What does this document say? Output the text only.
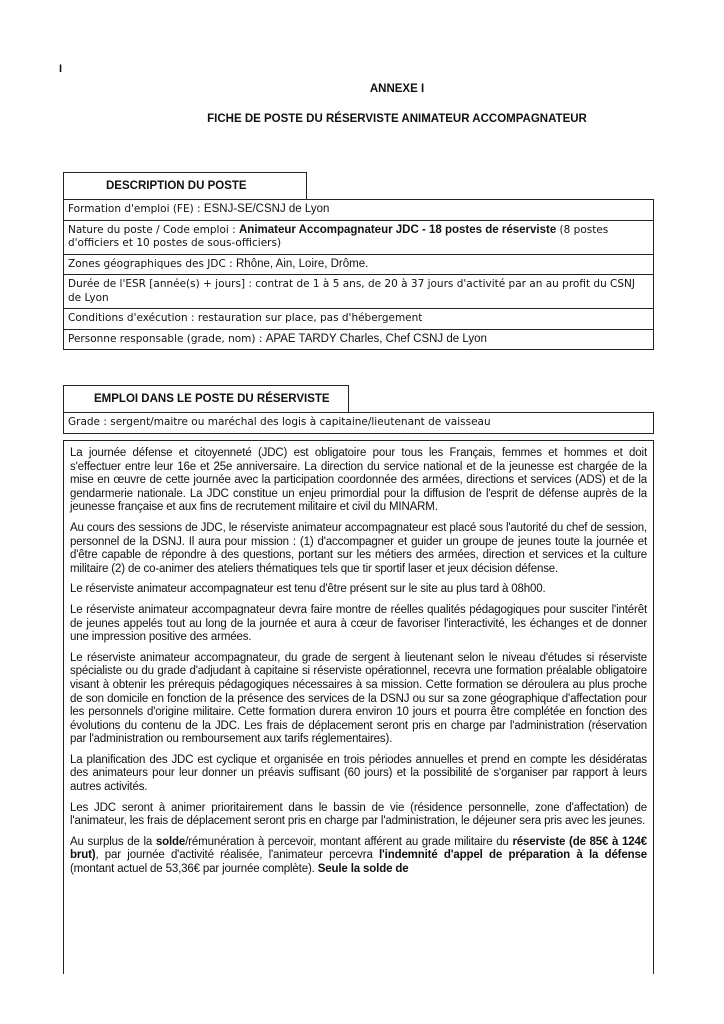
I
ANNEXE I
FICHE DE POSTE DU RÉSERVISTE ANIMATEUR ACCOMPAGNATEUR
DESCRIPTION DU POSTE
Formation d'emploi (FE) : ESNJ-SE/CSNJ de Lyon
Nature du poste / Code emploi : Animateur Accompagnateur JDC - 18 postes de réserviste (8 postes d'officiers et 10 postes de sous-officiers)
Zones géographiques des JDC : Rhône, Ain, Loire, Drôme.
Durée de l'ESR [année(s) + jours] : contrat de 1 à 5 ans, de 20 à 37 jours d'activité par an au profit du CSNJ de Lyon
Conditions d'exécution : restauration sur place, pas d'hébergement
Personne responsable (grade, nom) : APAE TARDY Charles, Chef CSNJ de Lyon
EMPLOI DANS LE POSTE DU RÉSERVISTE
Grade : sergent/maitre ou maréchal des logis à capitaine/lieutenant de vaisseau

La journée défense et citoyenneté (JDC) est obligatoire pour tous les Français, femmes et hommes et doit s'effectuer entre leur 16e et 25e anniversaire. La direction du service national et de la jeunesse est chargée de la mise en œuvre de cette journée avec la participation coordonnée des armées, directions et services (ADS) et de la gendarmerie nationale. La JDC constitue un enjeu primordial pour la diffusion de l'esprit de défense auprès de la jeunesse française et aux fins de recrutement militaire et civil du MINARM.

Au cours des sessions de JDC, le réserviste animateur accompagnateur est placé sous l'autorité du chef de session, personnel de la DSNJ. Il aura pour mission : (1) d'accompagner et guider un groupe de jeunes toute la journée et d'être capable de répondre à des questions, portant sur les métiers des armées, direction et services et la culture militaire (2) de co-animer des ateliers thématiques tels que tir sportif laser et jeux décision défense.

Le réserviste animateur accompagnateur est tenu d'être présent sur le site au plus tard à 08h00.

Le réserviste animateur accompagnateur devra faire montre de réelles qualités pédagogiques pour susciter l'intérêt de jeunes appelés tout au long de la journée et aura à cœur de favoriser l'interactivité, les échanges et de donner une impression positive des armées.

Le réserviste animateur accompagnateur, du grade de sergent à lieutenant selon le niveau d'études si réserviste spécialiste ou du grade d'adjudant à capitaine si réserviste opérationnel, recevra une formation préalable obligatoire visant à obtenir les prérequis pédagogiques nécessaires à sa mission. Cette formation se déroulera au plus proche de son domicile en fonction de la présence des services de la DSNJ ou sur sa zone géographique d'affectation pour les personnels d'origine militaire. Cette formation durera environ 10 jours et pourra être complétée en fonction des évolutions du contenu de la JDC. Les frais de déplacement seront pris en charge par l'administration (réservation par l'administration ou remboursement aux tarifs réglementaires).

La planification des JDC est cyclique et organisée en trois périodes annuelles et prend en compte les désidératas des animateurs pour leur donner un préavis suffisant (60 jours) et la possibilité de s'organiser par rapport à leurs autres activités.

Les JDC seront à animer prioritairement dans le bassin de vie (résidence personnelle, zone d'affectation) de l'animateur, les frais de déplacement seront pris en charge par l'administration, le déjeuner sera pris avec les jeunes.

Au surplus de la solde/rémunération à percevoir, montant afférent au grade militaire du réserviste (de 85€ à 124€ brut), par journée d'activité réalisée, l'animateur percevra l'indemnité d'appel de préparation à la défense (montant actuel de 53,36€ par journée complète). Seule la solde de
